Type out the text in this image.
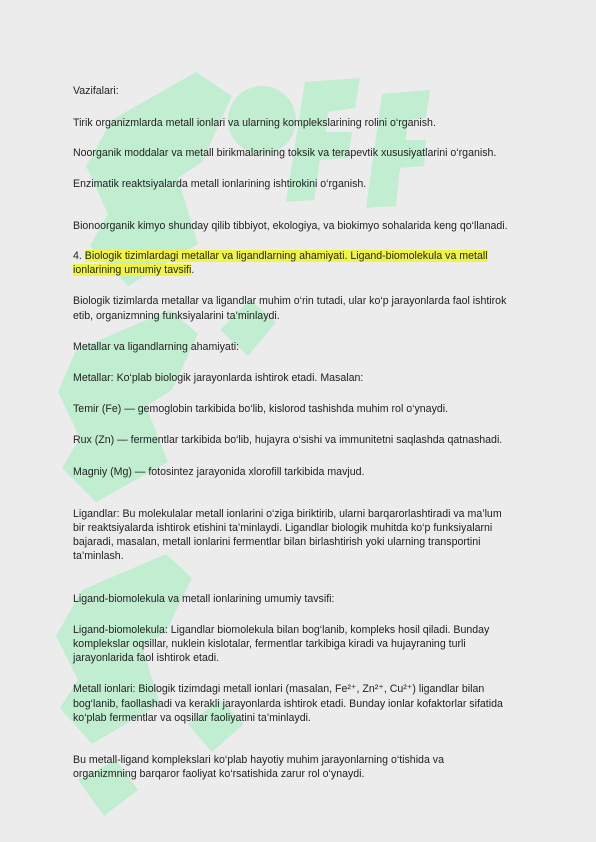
Vazifalari:

Tirik organizmlarda metall ionlari va ularning komplekslarining rolini o‘rganish.

Noorganik moddalar va metall birikmalarining toksik va terapevtik xususiyatlarini o‘rganish.

Enzimatik reaktsiyalarda metall ionlarining ishtirokini o‘rganish.

Bionoorganik kimyo shunday qilib tibbiyot, ekologiya, va biokimyo sohalarida keng qo‘llanadi.

4. Biologik tizimlardagi metallar va ligandlarning ahamiyati. Ligand-biomolekula va metall
ionlarining umumiy tavsifi.

Biologik tizimlarda metallar va ligandlar muhim o‘rin tutadi, ular ko‘p jarayonlarda faol ishtirok
etib, organizmning funksiyalarini ta’minlaydi.

Metallar va ligandlarning ahamiyati:

Metallar: Ko‘plab biologik jarayonlarda ishtirok etadi. Masalan:

Temir (Fe) — gemoglobin tarkibida bo‘lib, kislorod tashishda muhim rol o‘ynaydi.

Rux (Zn) — fermentlar tarkibida bo‘lib, hujayra o‘sishi va immunitetni saqlashda qatnashadi.

Magniy (Mg) — fotosintez jarayonida xlorofill tarkibida mavjud.

Ligandlar: Bu molekulalar metall ionlarini o‘ziga biriktirib, ularni barqarorlashtiradi va ma’lum
bir reaktsiyalarda ishtirok etishini ta’minlaydi. Ligandlar biologik muhitda ko‘p funksiyalarni
bajaradi, masalan, metall ionlarini fermentlar bilan birlashtirish yoki ularning transportini
ta’minlash.

Ligand-biomolekula va metall ionlarining umumiy tavsifi:

Ligand-biomolekula: Ligandlar biomolekula bilan bog‘lanib, kompleks hosil qiladi. Bunday
komplekslar oqsillar, nuklein kislotalar, fermentlar tarkibiga kiradi va hujayraning turli
jarayonlarida faol ishtirok etadi.

Metall ionlari: Biologik tizimdagi metall ionlari (masalan, Fe²⁺, Zn²⁺, Cu²⁺) ligandlar bilan
bog‘lanib, faollashadi va kerakli jarayonlarda ishtirok etadi. Bunday ionlar kofaktorlar sifatida
ko‘plab fermentlar va oqsillar faoliyatini ta’minlaydi.

Bu metall-ligand komplekslari ko‘plab hayotiy muhim jarayonlarning o‘tishida va
organizmning barqaror faoliyat ko‘rsatishida zarur rol o‘ynaydi.
